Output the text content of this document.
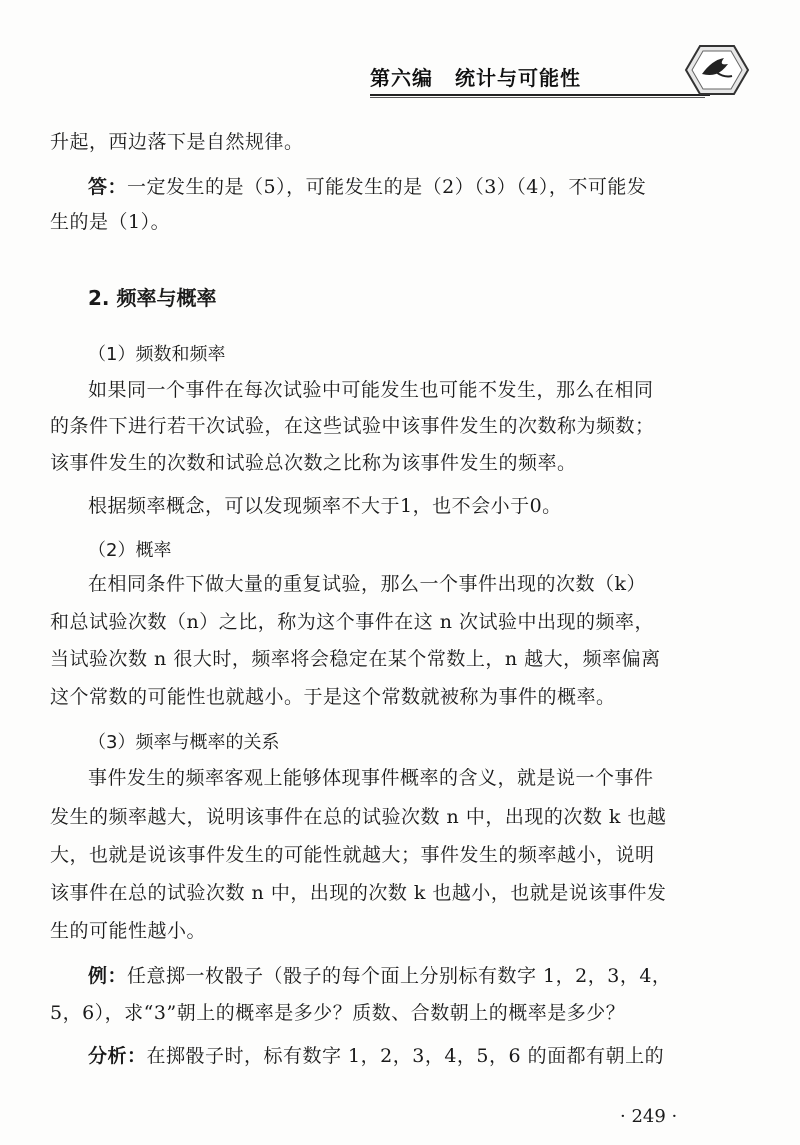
第六编 统计与可能性
升起，西边落下是自然规律。
答：一定发生的是（5），可能发生的是（2）（3）（4），不可能发
生的是（1）。
2. 频率与概率
（1）频数和频率
如果同一个事件在每次试验中可能发生也可能不发生，那么在相同
的条件下进行若干次试验，在这些试验中该事件发生的次数称为频数；
该事件发生的次数和试验总次数之比称为该事件发生的频率。
根据频率概念，可以发现频率不大于1，也不会小于0。
（2）概率
在相同条件下做大量的重复试验，那么一个事件出现的次数（k）
和总试验次数（n）之比，称为这个事件在这 n 次试验中出现的频率，
当试验次数 n 很大时，频率将会稳定在某个常数上，n 越大，频率偏离
这个常数的可能性也就越小。于是这个常数就被称为事件的概率。
（3）频率与概率的关系
事件发生的频率客观上能够体现事件概率的含义，就是说一个事件
发生的频率越大，说明该事件在总的试验次数 n 中，出现的次数 k 也越
大，也就是说该事件发生的可能性就越大；事件发生的频率越小，说明
该事件在总的试验次数 n 中，出现的次数 k 也越小，也就是说该事件发
生的可能性越小。
例：任意掷一枚骰子（骰子的每个面上分别标有数字 1，2，3，4，
5，6），求“3”朝上的概率是多少？质数、合数朝上的概率是多少？
分析：在掷骰子时，标有数字 1，2，3，4，5，6 的面都有朝上的
· 249 ·
